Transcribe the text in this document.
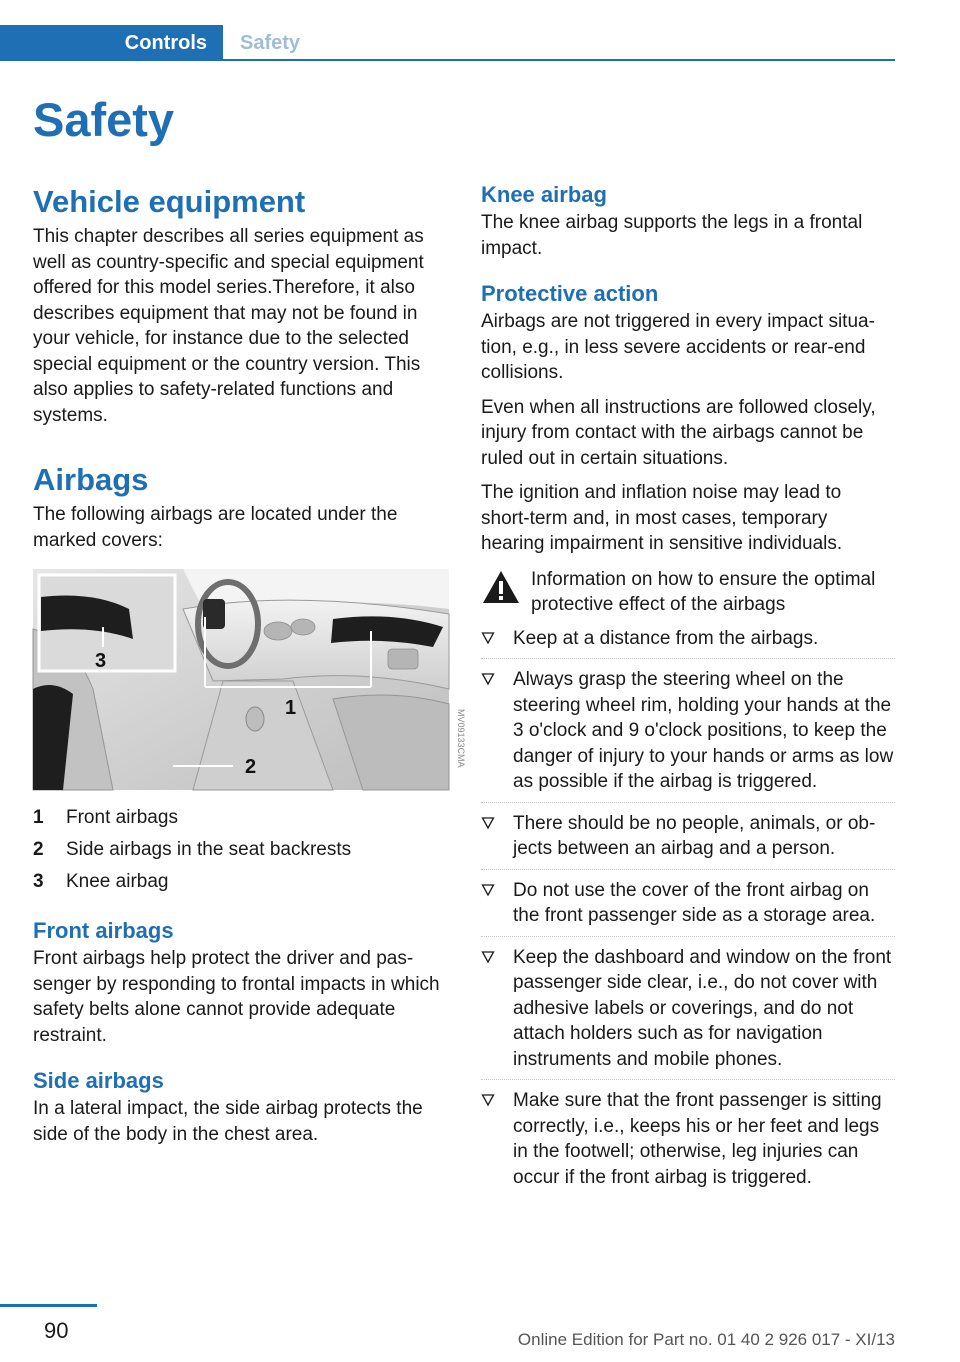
Controls	Safety
Safety
Vehicle equipment

This chapter describes all series equipment as well as country-specific and special equipment offered for this model series.Therefore, it also describes equipment that may not be found in your vehicle, for instance due to the selected special equipment or the country version. This also applies to safety-related functions and systems.

Airbags

The following airbags are located under the marked covers:

1
2
3
MV09133CMA
1	Front airbags
2	Side airbags in the seat backrests
3	Knee airbag
Front airbags

Front airbags help protect the driver and passenger by responding to frontal impacts in which safety belts alone cannot provide adequate restraint.

Side airbags

In a lateral impact, the side airbag protects the side of the body in the chest area.

Knee airbag

The knee airbag supports the legs in a frontal impact.

Protective action

Airbags are not triggered in every impact situation, e.g., in less severe accidents or rear-end collisions.

Even when all instructions are followed closely, injury from contact with the airbags cannot be ruled out in certain situations.

The ignition and inflation noise may lead to short-term and, in most cases, temporary hearing impairment in sensitive individuals.

Information on how to ensure the optimal protective effect of the airbags

Keep at a distance from the airbags.
Always grasp the steering wheel on the steering wheel rim, holding your hands at the 3 o'clock and 9 o'clock positions, to keep the danger of injury to your hands or arms as low as possible if the airbag is triggered.
There should be no people, animals, or objects between an airbag and a person.
Do not use the cover of the front airbag on the front passenger side as a storage area.
Keep the dashboard and window on the front passenger side clear, i.e., do not cover with adhesive labels or coverings, and do not attach holders such as for navigation instruments and mobile phones.
Make sure that the front passenger is sitting correctly, i.e., keeps his or her feet and legs in the footwell; otherwise, leg injuries can occur if the front airbag is triggered.
90	Online Edition for Part no. 01 40 2 926 017 - XI/13
